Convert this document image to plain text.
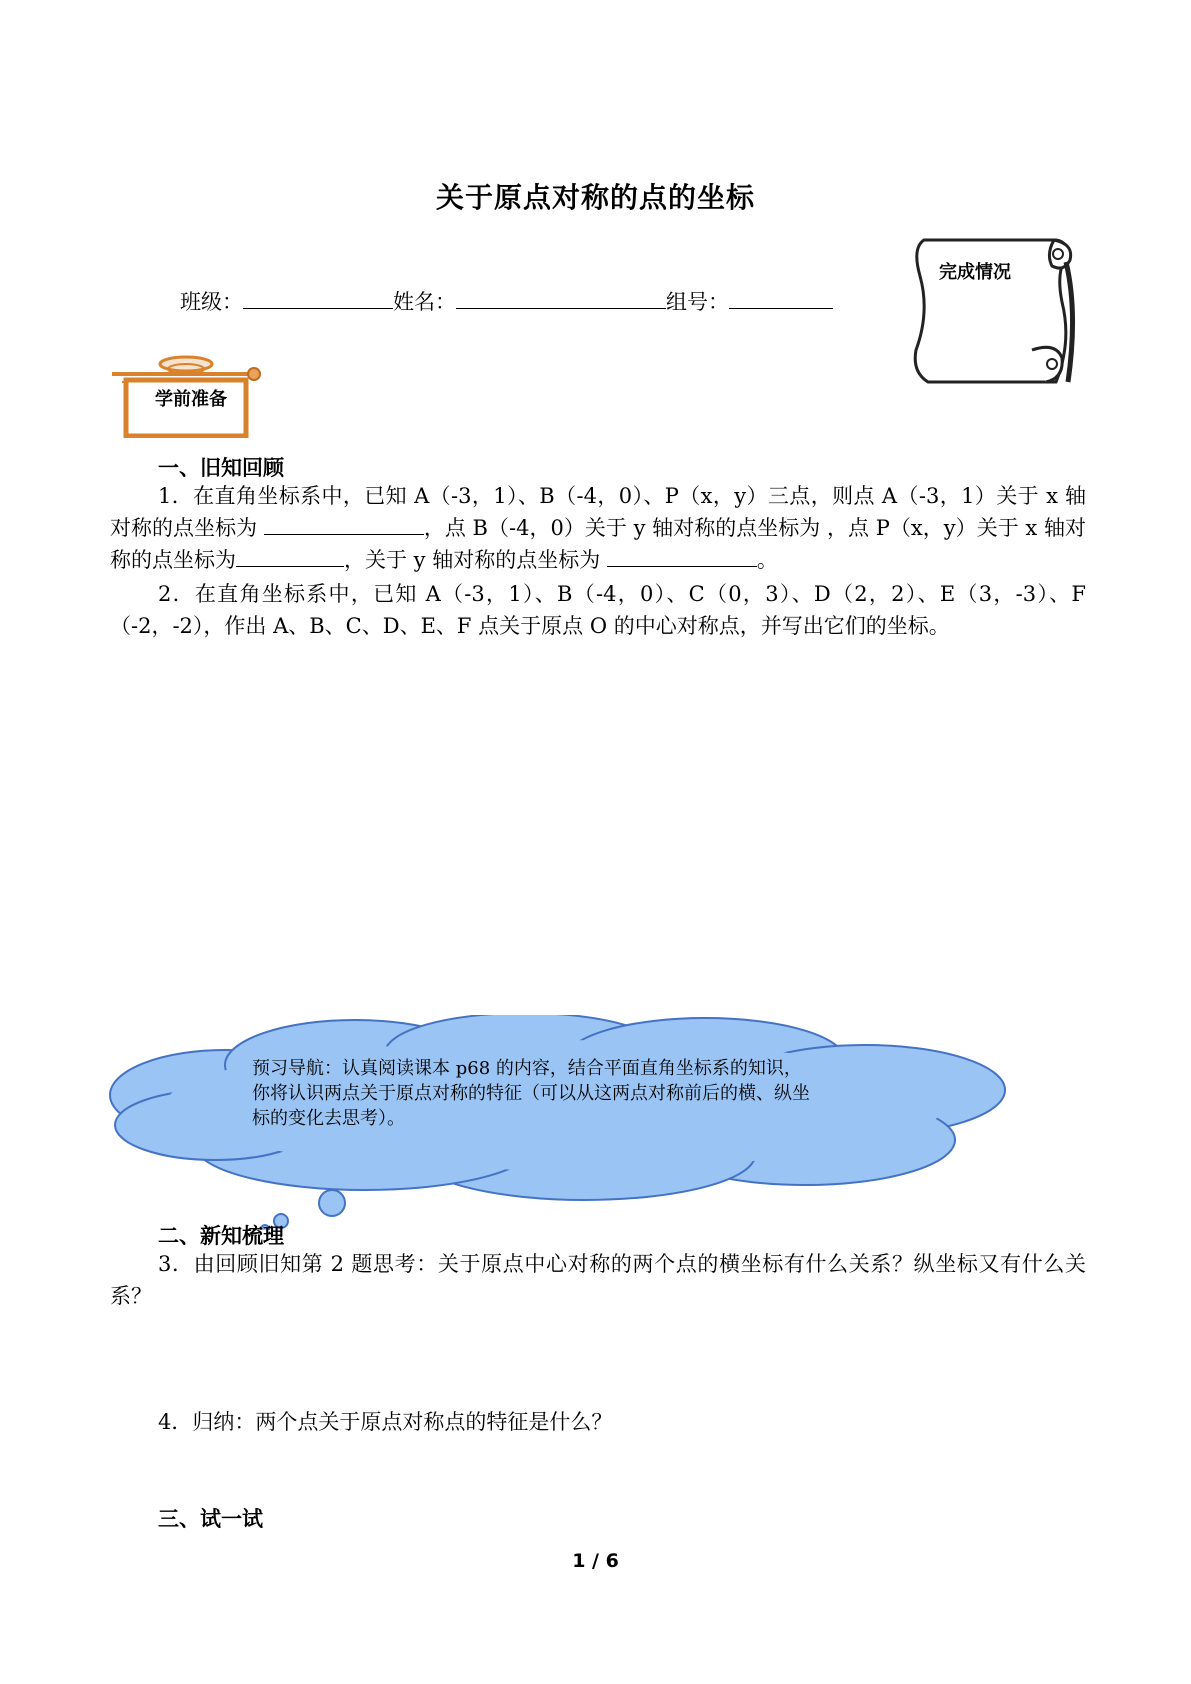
关于原点对称的点的坐标
班级：	姓名：	组号：
完成情况
学前准备
一、旧知回顾
1．在直角坐标系中，已知 A（-3，1）、B（-4，0）、P（x，y）三点，则点 A（-3，1）关于 x 轴对称的点坐标为	，点 B（-4，0）关于 y 轴对称的点坐标为 ，点 P（x，y）关于 x 轴对称的点坐标为	，关于 y 轴对称的点坐标为	。
2．在直角坐标系中，已知 A（-3，1）、B（-4，0）、C（0，3）、D（2，2）、E（3，-3）、F（-2，-2），作出 A、B、C、D、E、F 点关于原点 O 的中心对称点，并写出它们的坐标。
预习导航：认真阅读课本 p68 的内容，结合平面直角坐标系的知识，你将认识两点关于原点对称的特征（可以从这两点对称前后的横、纵坐标的变化去思考）。
二、新知梳理
3．由回顾旧知第 2 题思考：关于原点中心对称的两个点的横坐标有什么关系？纵坐标又有什么关系？
4．归纳：两个点关于原点对称点的特征是什么？
三、试一试
1 / 6
